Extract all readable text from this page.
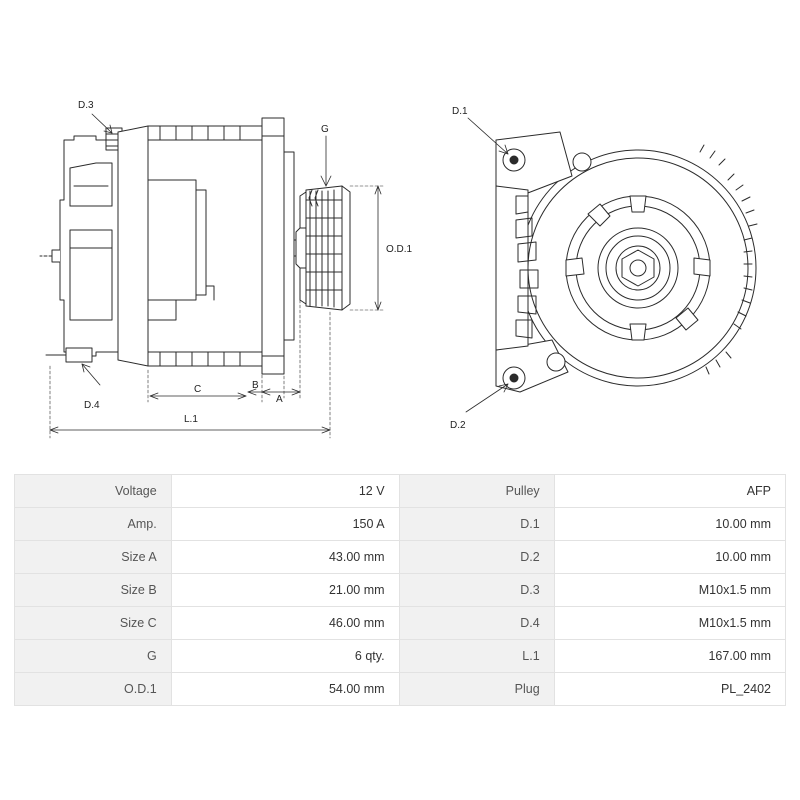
D.3
D.4
G
O.D.1
A
B
C
L.1
D.1
D.2
Voltage	12 V	Pulley	AFP
Amp.	150 A	D.1	10.00 mm
Size A	43.00 mm	D.2	10.00 mm
Size B	21.00 mm	D.3	M10x1.5 mm
Size C	46.00 mm	D.4	M10x1.5 mm
G	6 qty.	L.1	167.00 mm
O.D.1	54.00 mm	Plug	PL_2402
